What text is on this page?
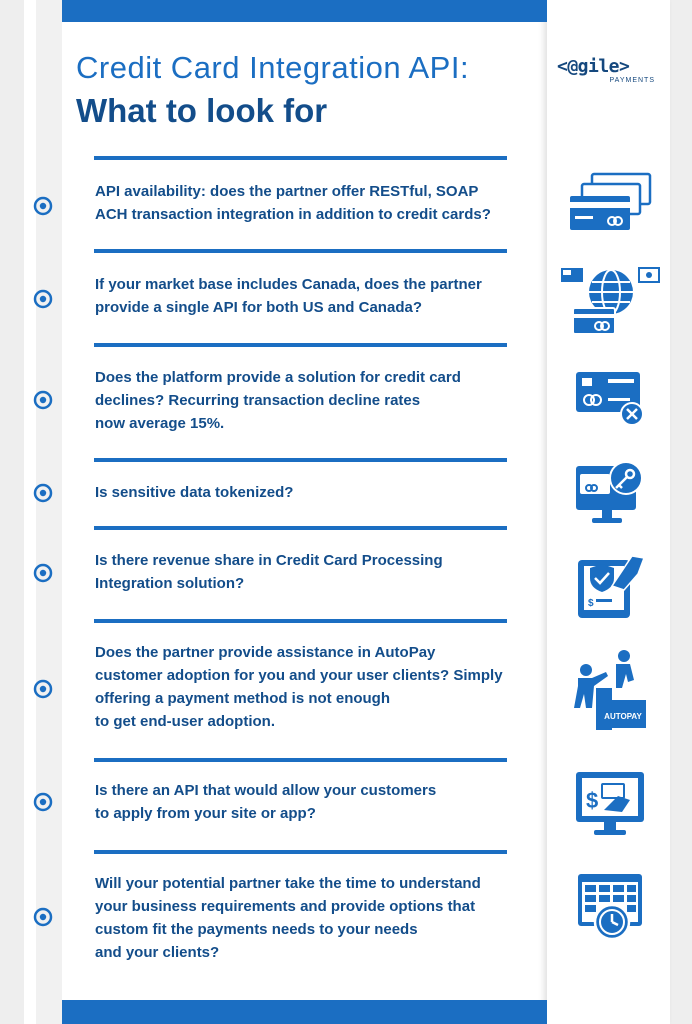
Credit Card Integration API:
What to look for
<@gile>
PAYMENTS
API availability: does the partner offer RESTful, SOAP
ACH transaction integration in addition to credit cards?
If your market base includes Canada, does the partner
provide a single API for both US and Canada?
Does the platform provide a solution for credit card
declines? Recurring transaction decline rates
now average 15%.
Is sensitive data tokenized?
Is there revenue share in Credit Card Processing
Integration solution?
Does the partner provide assistance in AutoPay
customer adoption for you and your user clients? Simply
offering a payment method is not enough
to get end-user adoption.
Is there an API that would allow your customers
to apply from your site or app?
Will your potential partner take the time to understand
your business requirements and provide options that
custom fit the payments needs to your needs
and your clients?
$
AUTOPAY
$
